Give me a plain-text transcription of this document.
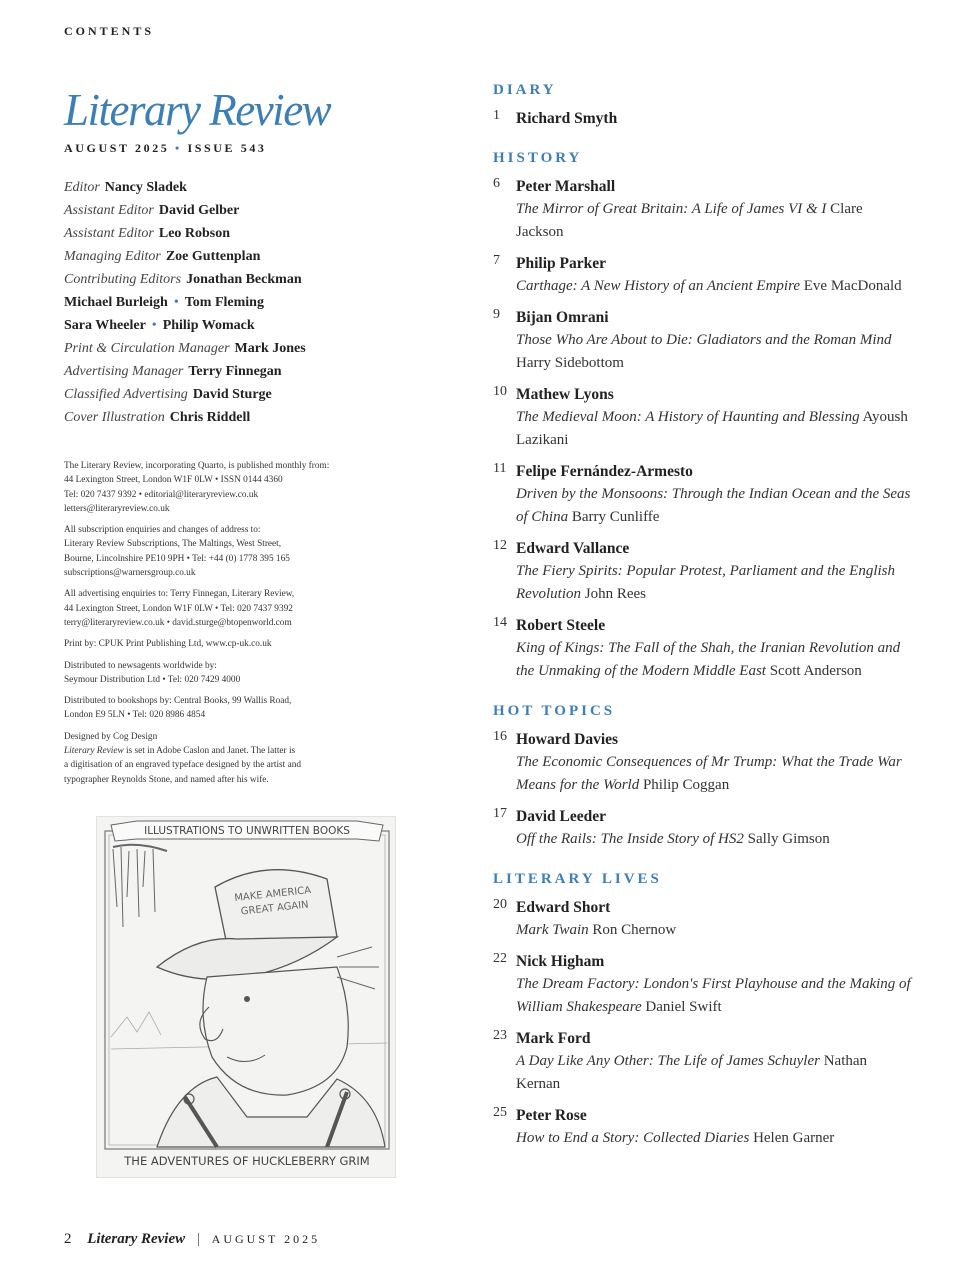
CONTENTS
Literary Review
AUGUST 2025 • ISSUE 543
Editor Nancy Sladek
Assistant Editor David Gelber
Assistant Editor Leo Robson
Managing Editor Zoe Guttenplan
Contributing Editors Jonathan Beckman
Michael Burleigh • Tom Fleming
Sara Wheeler • Philip Womack
Print & Circulation Manager Mark Jones
Advertising Manager Terry Finnegan
Classified Advertising David Sturge
Cover Illustration Chris Riddell

The Literary Review, incorporating Quarto, is published monthly from:
44 Lexington Street, London W1F 0LW • ISSN 0144 4360
Tel: 020 7437 9392 • editorial@literaryreview.co.uk
letters@literaryreview.co.uk

All subscription enquiries and changes of address to:
Literary Review Subscriptions, The Maltings, West Street,
Bourne, Lincolnshire PE10 9PH • Tel: +44 (0) 1778 395 165
subscriptions@warnersgroup.co.uk

All advertising enquiries to: Terry Finnegan, Literary Review,
44 Lexington Street, London W1F 0LW • Tel: 020 7437 9392
terry@literaryreview.co.uk • david.sturge@btopenworld.com

Print by: CPUK Print Publishing Ltd, www.cp-uk.co.uk

Distributed to newsagents worldwide by:
Seymour Distribution Ltd • Tel: 020 7429 4000

Distributed to bookshops by: Central Books, 99 Wallis Road,
London E9 5LN • Tel: 020 8986 4854

Designed by Cog Design
Literary Review is set in Adobe Caslon and Janet. The latter is
a digitisation of an engraved typeface designed by the artist and
typographer Reynolds Stone, and named after his wife.

ILLUSTRATIONS TO UNWRITTEN BOOKS
MAKE AMERICA
GREAT AGAIN
THE ADVENTURES OF HUCKLEBERRY GRIM
DIARY
1 Richard Smyth
HISTORY
6 Peter Marshall
The Mirror of Great Britain: A Life of James VI & I Clare Jackson
7 Philip Parker
Carthage: A New History of an Ancient Empire Eve MacDonald
9 Bijan Omrani
Those Who Are About to Die: Gladiators and the Roman Mind Harry Sidebottom
10 Mathew Lyons
The Medieval Moon: A History of Haunting and Blessing Ayoush Lazikani
11 Felipe Fernández-Armesto
Driven by the Monsoons: Through the Indian Ocean and the Seas of China Barry Cunliffe
12 Edward Vallance
The Fiery Spirits: Popular Protest, Parliament and the English Revolution John Rees
14 Robert Steele
King of Kings: The Fall of the Shah, the Iranian Revolution and the Unmaking of the Modern Middle East Scott Anderson
HOT TOPICS
16 Howard Davies
The Economic Consequences of Mr Trump: What the Trade War Means for the World Philip Coggan
17 David Leeder
Off the Rails: The Inside Story of HS2 Sally Gimson
LITERARY LIVES
20 Edward Short
Mark Twain Ron Chernow
22 Nick Higham
The Dream Factory: London's First Playhouse and the Making of William Shakespeare Daniel Swift
23 Mark Ford
A Day Like Any Other: The Life of James Schuyler Nathan Kernan
25 Peter Rose
How to End a Story: Collected Diaries Helen Garner
2 Literary Review | AUGUST 2025
